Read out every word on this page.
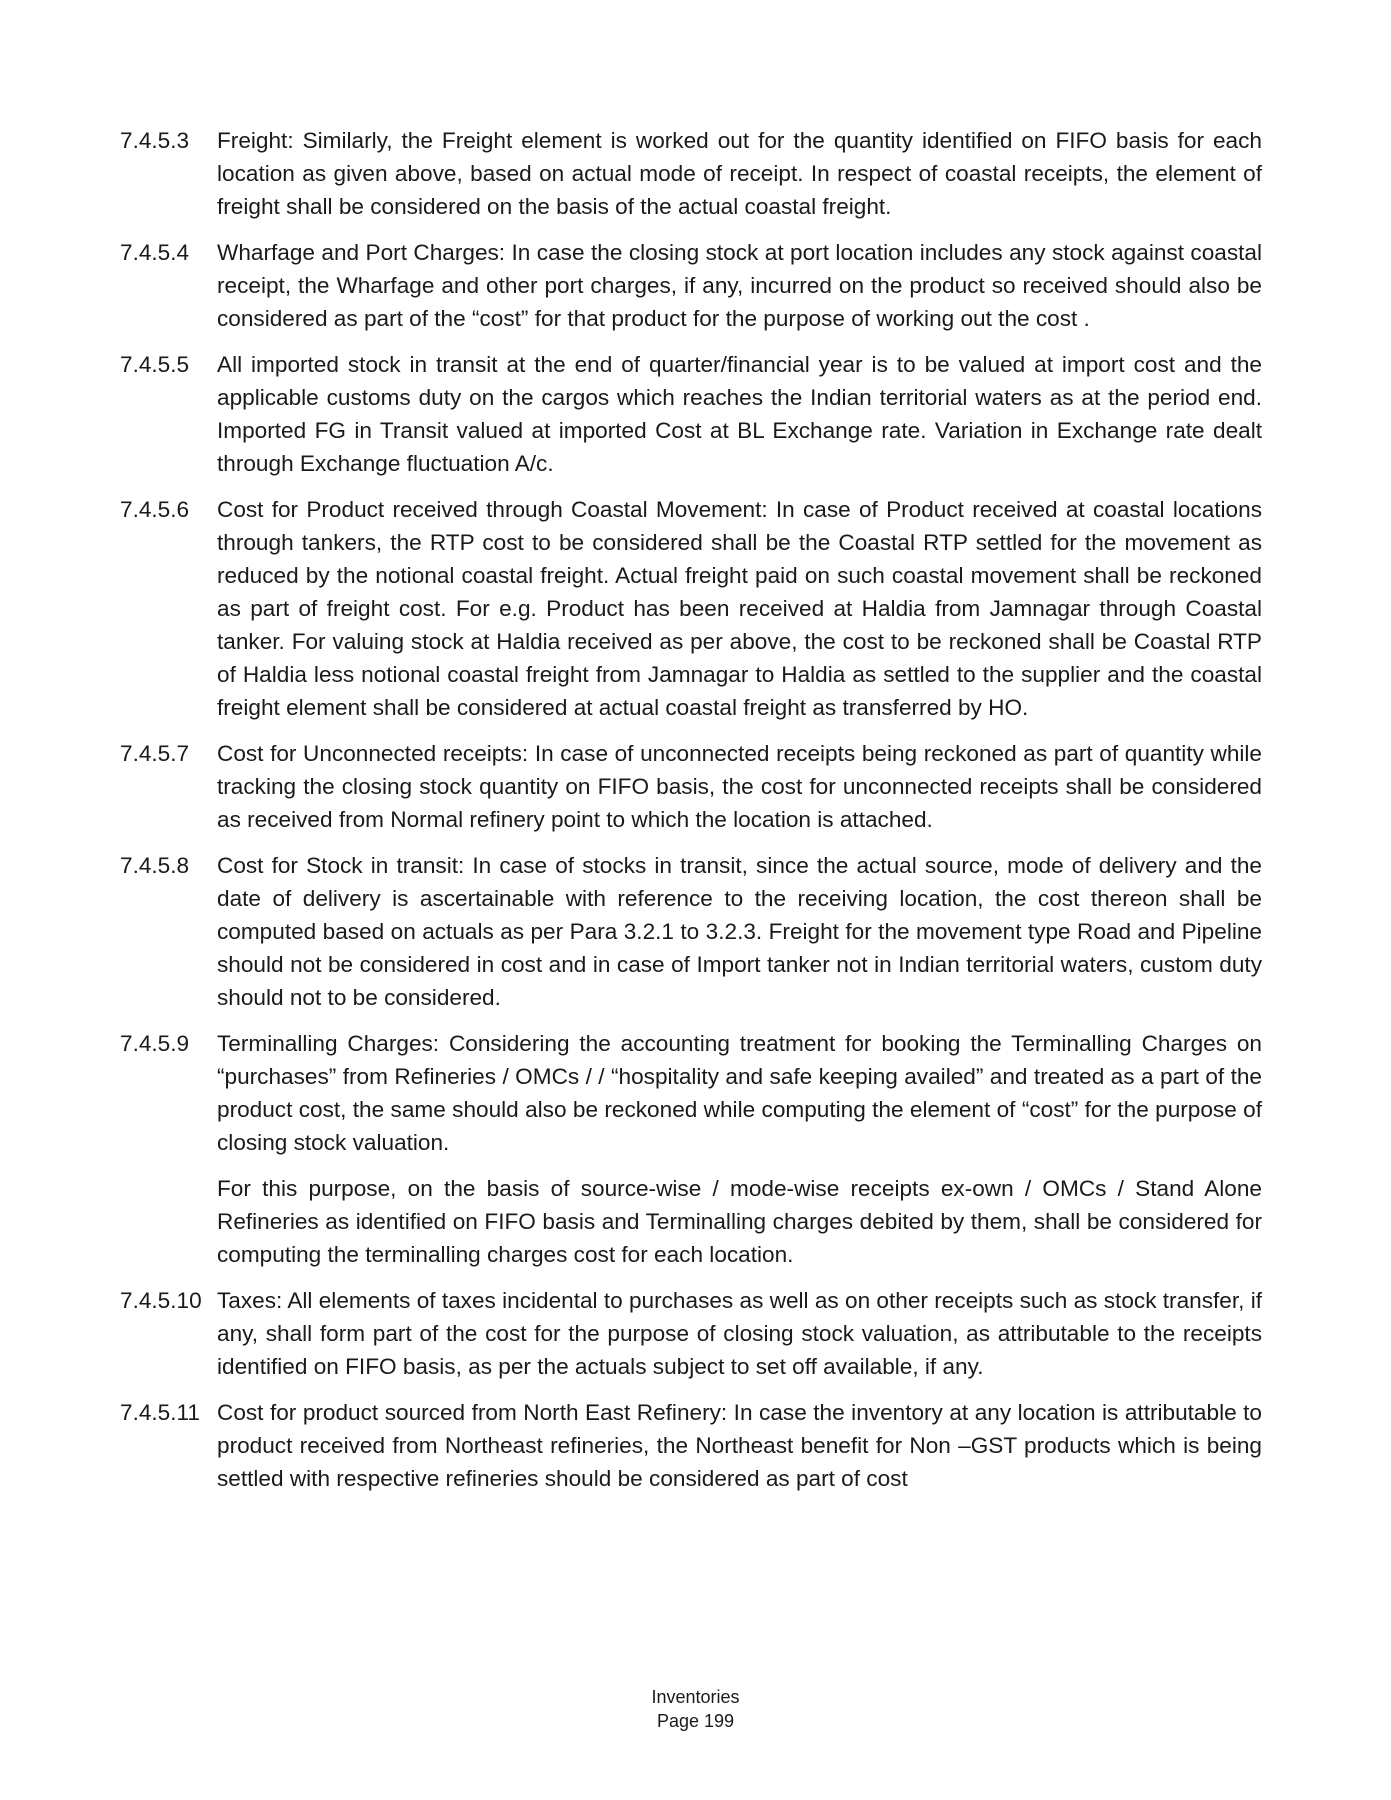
7.4.5.3	Freight: Similarly, the Freight element is worked out for the quantity identified on FIFO basis for each location as given above, based on actual mode of receipt. In respect of coastal receipts, the element of freight shall be considered on the basis of the actual coastal freight.
7.4.5.4	Wharfage and Port Charges: In case the closing stock at port location includes any stock against coastal receipt, the Wharfage and other port charges, if any, incurred on the product so received should also be considered as part of the “cost” for that product for the purpose of working out the cost .
7.4.5.5	All imported stock in transit at the end of quarter/financial year is to be valued at import cost and the applicable customs duty on the cargos which reaches the Indian territorial waters as at the period end. Imported FG in Transit valued at imported Cost at BL Exchange rate. Variation in Exchange rate dealt through Exchange fluctuation A/c.
7.4.5.6	Cost for Product received through Coastal Movement: In case of Product received at coastal locations through tankers, the RTP cost to be considered shall be the Coastal RTP settled for the movement as reduced by the notional coastal freight. Actual freight paid on such coastal movement shall be reckoned as part of freight cost. For e.g. Product has been received at Haldia from Jamnagar through Coastal tanker. For valuing stock at Haldia received as per above, the cost to be reckoned shall be Coastal RTP of Haldia less notional coastal freight from Jamnagar to Haldia as settled to the supplier and the coastal freight element shall be considered at actual coastal freight as transferred by HO.
7.4.5.7	Cost for Unconnected receipts: In case of unconnected receipts being reckoned as part of quantity while tracking the closing stock quantity on FIFO basis, the cost for unconnected receipts shall be considered as received from Normal refinery point to which the location is attached.
7.4.5.8	Cost for Stock in transit: In case of stocks in transit, since the actual source, mode of delivery and the date of delivery is ascertainable with reference to the receiving location, the cost thereon shall be computed based on actuals as per Para 3.2.1 to 3.2.3. Freight for the movement type Road and Pipeline should not be considered in cost and in case of Import tanker not in Indian territorial waters, custom duty should not to be considered.
7.4.5.9	Terminalling Charges: Considering the accounting treatment for booking the Terminalling Charges on “purchases” from Refineries / OMCs / / “hospitality and safe keeping availed” and treated as a part of the product cost, the same should also be reckoned while computing the element of “cost” for the purpose of closing stock valuation.
For this purpose, on the basis of source-wise / mode-wise receipts ex-own / OMCs / Stand Alone Refineries as identified on FIFO basis and Terminalling charges debited by them, shall be considered for computing the terminalling charges cost for each location.
7.4.5.10 Taxes: All elements of taxes incidental to purchases as well as on other receipts such as stock transfer, if any, shall form part of the cost for the purpose of closing stock valuation, as attributable to the receipts identified on FIFO basis, as per the actuals subject to set off available, if any.
7.4.5.11 Cost for product sourced from North East Refinery: In case the inventory at any location is attributable to product received from Northeast refineries, the Northeast benefit for Non –GST products which is being settled with respective refineries should be considered as part of cost
Inventories
Page 199
